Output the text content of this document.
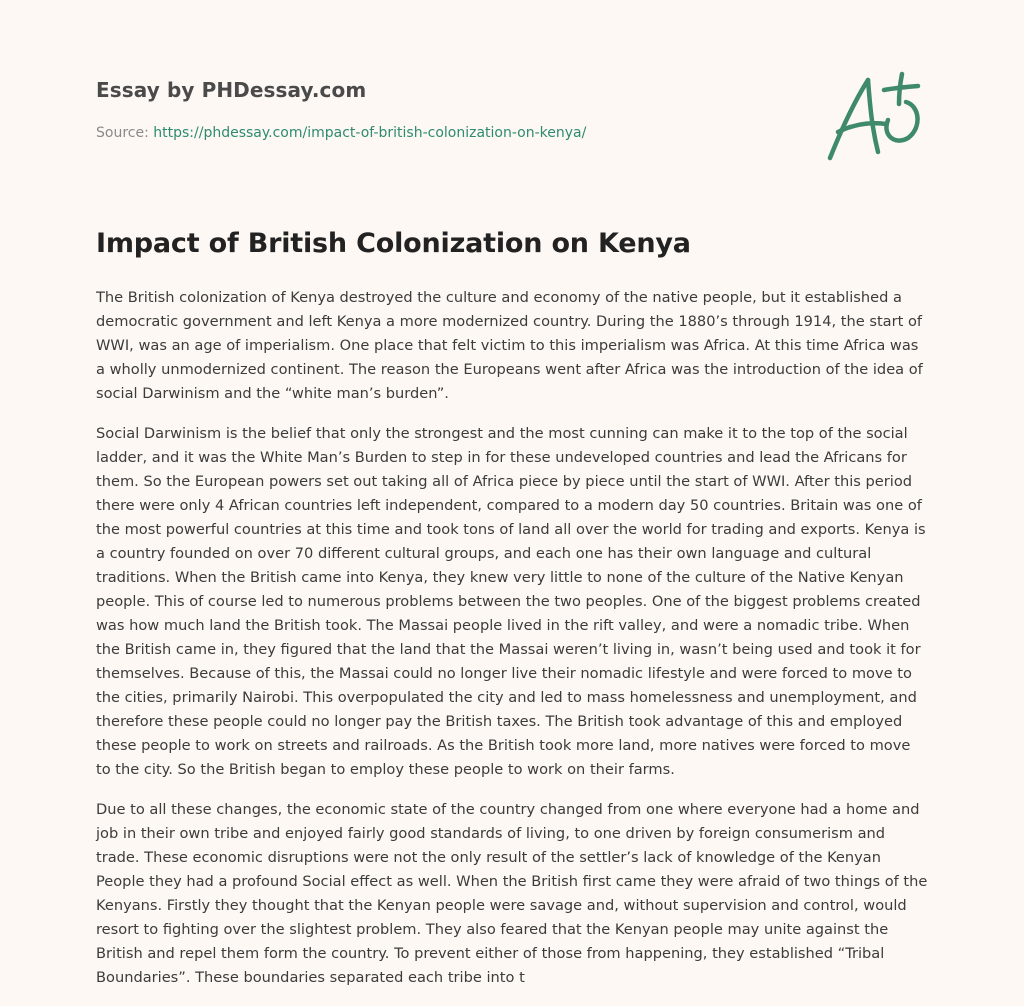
Essay by PHDessay.com

Source: https://phdessay.com/impact-of-british-colonization-on-kenya/
Impact of British Colonization on Kenya

The British colonization of Kenya destroyed the culture and economy of the native people, but it established a democratic government and left Kenya a more modernized country. During the 1880’s through 1914, the start of WWI, was an age of imperialism. One place that felt victim to this imperialism was Africa. At this time Africa was a wholly unmodernized continent. The reason the Europeans went after Africa was the introduction of the idea of social Darwinism and the “white man’s burden”.

Social Darwinism is the belief that only the strongest and the most cunning can make it to the top of the social ladder, and it was the White Man’s Burden to step in for these undeveloped countries and lead the Africans for them. So the European powers set out taking all of Africa piece by piece until the start of WWI. After this period there were only 4 African countries left independent, compared to a modern day 50 countries. Britain was one of the most powerful countries at this time and took tons of land all over the world for trading and exports. Kenya is a country founded on over 70 different cultural groups, and each one has their own language and cultural traditions. When the British came into Kenya, they knew very little to none of the culture of the Native Kenyan people. This of course led to numerous problems between the two peoples. One of the biggest problems created was how much land the British took. The Massai people lived in the rift valley, and were a nomadic tribe. When the British came in, they figured that the land that the Massai weren’t living in, wasn’t being used and took it for themselves. Because of this, the Massai could no longer live their nomadic lifestyle and were forced to move to the cities, primarily Nairobi. This overpopulated the city and led to mass homelessness and unemployment, and therefore these people could no longer pay the British taxes. The British took advantage of this and employed these people to work on streets and railroads. As the British took more land, more natives were forced to move to the city. So the British began to employ these people to work on their farms.

Due to all these changes, the economic state of the country changed from one where everyone had a home and job in their own tribe and enjoyed fairly good standards of living, to one driven by foreign consumerism and trade. These economic disruptions were not the only result of the settler’s lack of knowledge of the Kenyan People they had a profound Social effect as well. When the British first came they were afraid of two things of the Kenyans. Firstly they thought that the Kenyan people were savage and, without supervision and control, would resort to fighting over the slightest problem. They also feared that the Kenyan people may unite against the British and repel them form the country. To prevent either of those from happening, they established “Tribal Boundaries”. These boundaries separated each tribe into t
